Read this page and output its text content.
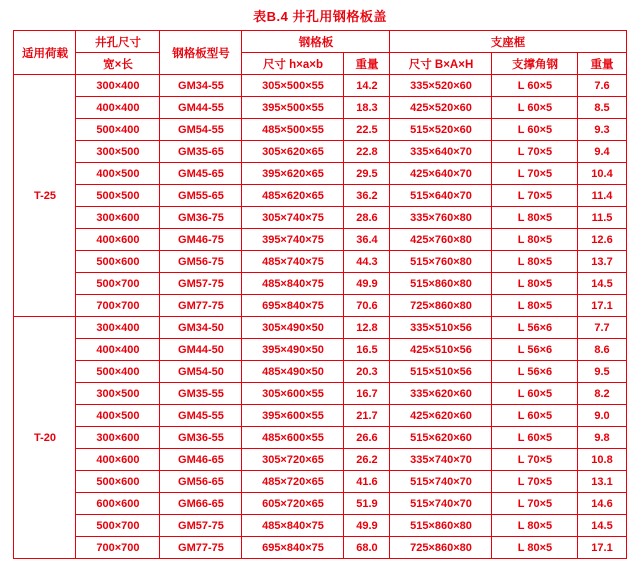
表B.4 井孔用钢格板盖
适用荷载	井孔尺寸	钢格板型号	钢格板		支座框		
	宽×长		尺寸 h×a×b	重量	尺寸 B×A×H	支撑角钢	重量

T-25	300×400	GM34-55	305×500×55	14.2	335×520×60	L 60×5	7.6
	400×400	GM44-55	395×500×55	18.3	425×520×60	L 60×5	8.5
	500×400	GM54-55	485×500×55	22.5	515×520×60	L 60×5	9.3
	300×500	GM35-65	305×620×65	22.8	335×640×70	L 70×5	9.4
	400×500	GM45-65	395×620×65	29.5	425×640×70	L 70×5	10.4
	500×500	GM55-65	485×620×65	36.2	515×640×70	L 70×5	11.4
	300×600	GM36-75	305×740×75	28.6	335×760×80	L 80×5	11.5
	400×600	GM46-75	395×740×75	36.4	425×760×80	L 80×5	12.6
	500×600	GM56-75	485×740×75	44.3	515×760×80	L 80×5	13.7
	500×700	GM57-75	485×840×75	49.9	515×860×80	L 80×5	14.5
	700×700	GM77-75	695×840×75	70.6	725×860×80	L 80×5	17.1
T-20	300×400	GM34-50	305×490×50	12.8	335×510×56	L 56×6	7.7
	400×400	GM44-50	395×490×50	16.5	425×510×56	L 56×6	8.6
	500×400	GM54-50	485×490×50	20.3	515×510×56	L 56×6	9.5
	300×500	GM35-55	305×600×55	16.7	335×620×60	L 60×5	8.2
	400×500	GM45-55	395×600×55	21.7	425×620×60	L 60×5	9.0
	300×600	GM36-55	485×600×55	26.6	515×620×60	L 60×5	9.8
	400×600	GM46-65	305×720×65	26.2	335×740×70	L 70×5	10.8
	500×600	GM56-65	485×720×65	41.6	515×740×70	L 70×5	13.1
	600×600	GM66-65	605×720×65	51.9	515×740×70	L 70×5	14.6
	500×700	GM57-75	485×840×75	49.9	515×860×80	L 80×5	14.5
	700×700	GM77-75	695×840×75	68.0	725×860×80	L 80×5	17.1
